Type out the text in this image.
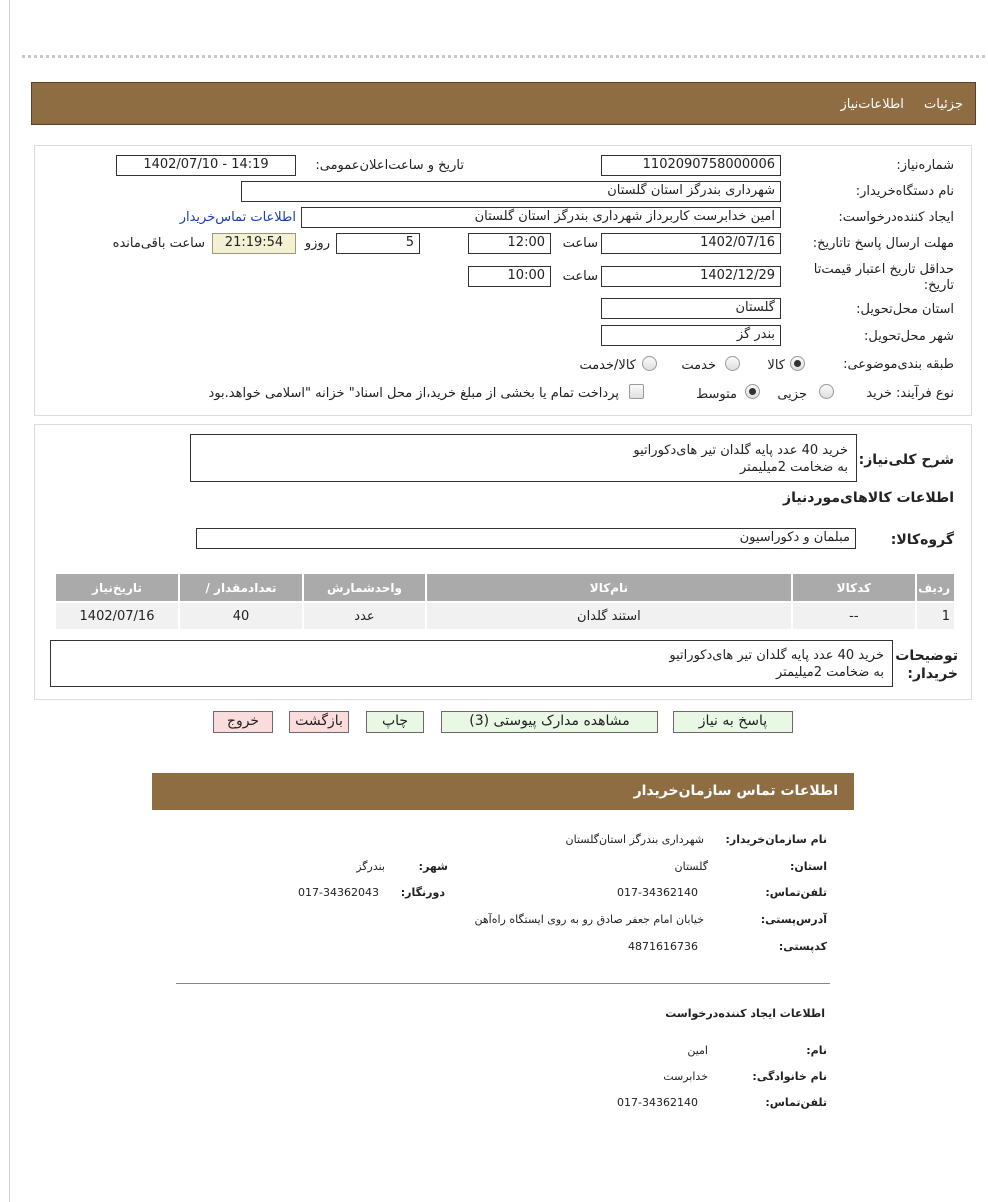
جزئیات اطلاعات‌نیاز
شماره‌نیاز:
1102090758000006
تاریخ و ساعت‌اعلان‌عمومی:
1402/07/10 - 14:19
نام دستگاه‌خریدار:
شهرداری بندرگز استان گلستان
ایجاد کننده‌درخواست:
امین خدابرست کاربرداز شهرداری بندرگز استان گلستان
اطلاعات تماس‌خریدار
مهلت ارسال پاسخ تا‌تاریخ:
1402/07/16
ساعت
12:00
5
روزو
21:19:54
ساعت باقی‌مانده
حداقل تاریخ اعتبار قیمت‌تا تاریخ:
1402/12/29
ساعت
10:00
استان محل‌تحویل:
گلستان
شهر محل‌تحویل:
بندر گز
طبقه بندی‌موضوعی:
کالا
خدمت
کالا/خدمت
نوع فرآیند:
خرید
جزیی
متوسط
پرداخت تمام یا بخشی از مبلغ خرید،از محل اسناد" خزانه "اسلامی خواهد.بود
شرح کلی‌نیاز:
خرید 40 عدد پایه گلدان تیر های‌دکوراتیو
به ضخامت 2میلیمتر
اطلاعات کالاهای‌موردنیاز
گروه‌کالا:
مبلمان و دکوراسیون
ردیف	کدکالا	نام‌کالا	واحدشمارش	تعدادمقدار /	تاریخ‌نیاز
1	--	استند گلدان	عدد	40	1402/07/16
توضیحات
خریدار:
خرید 40 عدد پایه گلدان تیر های‌دکوراتیو
به ضخامت 2میلیمتر
پاسخ به نیاز
مشاهده مدارک پیوستی (3)
چاپ
بازگشت
خروج
اطلاعات تماس سازمان‌خریدار
نام سازمان‌خریدار:
شهرداری بندرگز استان‌گلستان
استان:
گلستان
شهر:
بندرگز
تلفن‌تماس:
017-34362140
دورنگار:
017-34362043
آدرس‌پستی:
خیابان امام جعفر صادق رو به روی ایستگاه راه‌آهن
کد‌پستی:
4871616736
اطلاعات ایجاد کننده‌درخواست
نام:
امین
نام خانوادگی:
خدابرست
تلفن‌تماس:
017-34362140
